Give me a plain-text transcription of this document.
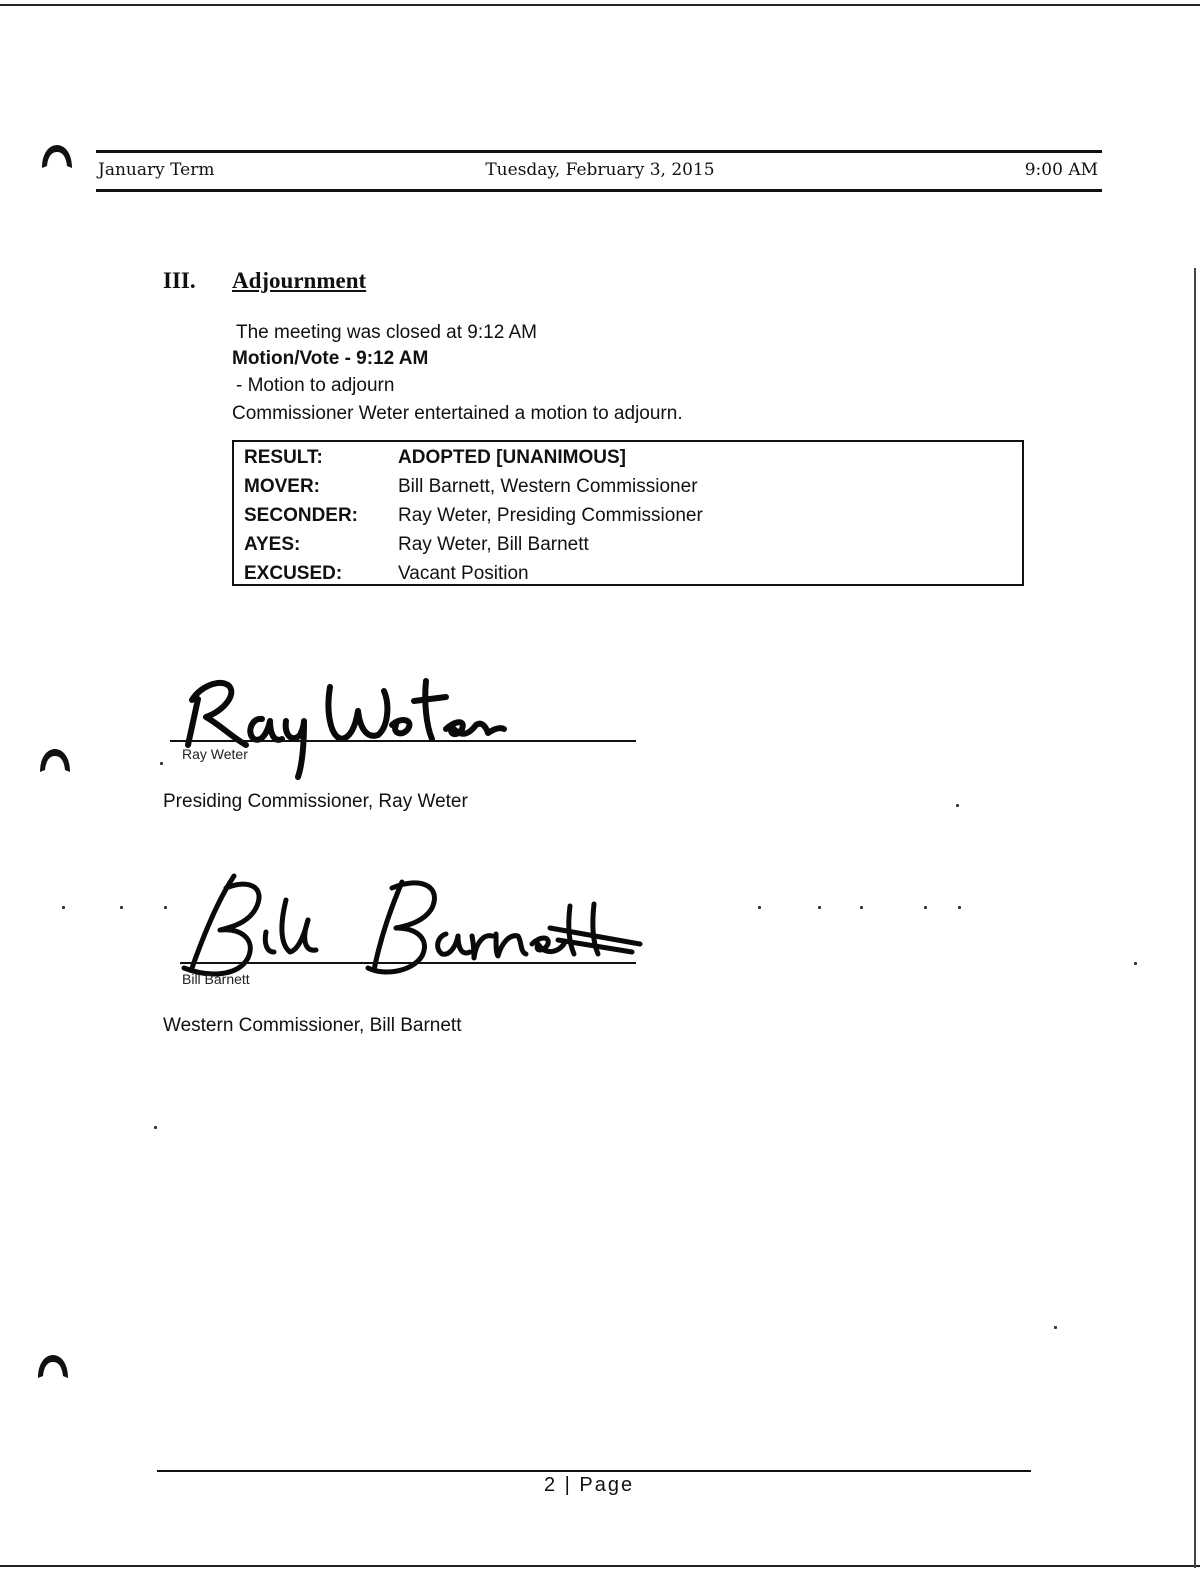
January Term	Tuesday, February 3, 2015	9:00 AM
III. Adjournment
The meeting was closed at 9:12 AM
Motion/Vote - 9:12 AM
- Motion to adjourn
Commissioner Weter entertained a motion to adjourn.
RESULT:	ADOPTED [UNANIMOUS]
MOVER:	Bill Barnett, Western Commissioner
SECONDER: Ray Weter, Presiding Commissioner
AYES:	Ray Weter, Bill Barnett
EXCUSED:	Vacant Position
Ray Weter
Presiding Commissioner, Ray Weter
Bill Barnett
Western Commissioner, Bill Barnett
2 | Page
